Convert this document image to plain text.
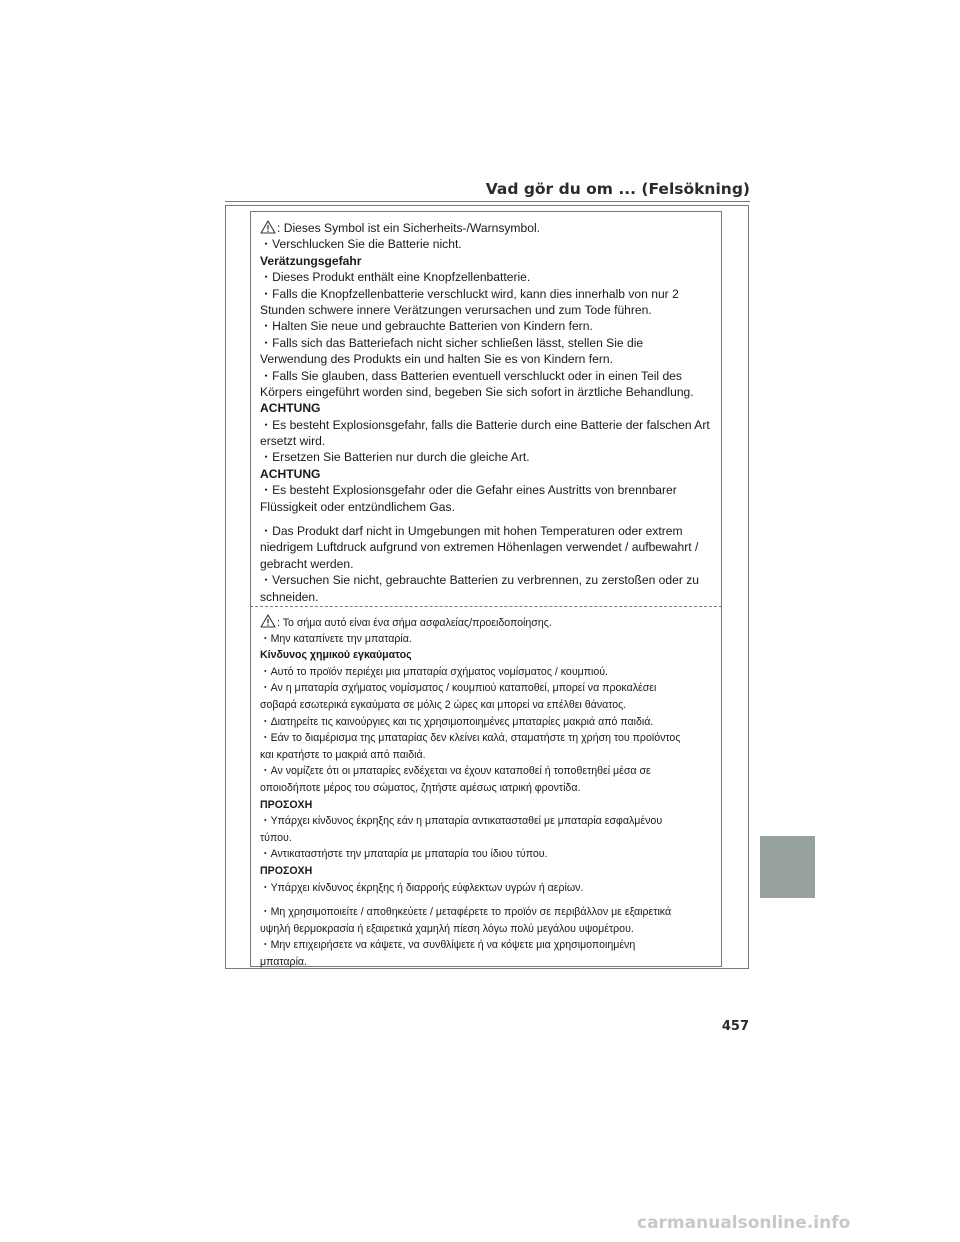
Vad gör du om ... (Felsökning)
: Dieses Symbol ist ein Sicherheits-/Warnsymbol.
・Verschlucken Sie die Batterie nicht.
Verätzungsgefahr
・Dieses Produkt enthält eine Knopfzellenbatterie.
・Falls die Knopfzellenbatterie verschluckt wird, kann dies innerhalb von nur 2
Stunden schwere innere Verätzungen verursachen und zum Tode führen.
・Halten Sie neue und gebrauchte Batterien von Kindern fern.
・Falls sich das Batteriefach nicht sicher schließen lässt, stellen Sie die
Verwendung des Produkts ein und halten Sie es von Kindern fern.
・Falls Sie glauben, dass Batterien eventuell verschluckt oder in einen Teil des
Körpers eingeführt worden sind, begeben Sie sich sofort in ärztliche Behandlung.
ACHTUNG
・Es besteht Explosionsgefahr, falls die Batterie durch eine Batterie der falschen Art
ersetzt wird.
・Ersetzen Sie Batterien nur durch die gleiche Art.
ACHTUNG
・Es besteht Explosionsgefahr oder die Gefahr eines Austritts von brennbarer
Flüssigkeit oder entzündlichem Gas.
・Das Produkt darf nicht in Umgebungen mit hohen Temperaturen oder extrem
niedrigem Luftdruck aufgrund von extremen Höhenlagen verwendet / aufbewahrt /
gebracht werden.
・Versuchen Sie nicht, gebrauchte Batterien zu verbrennen, zu zerstoßen oder zu
schneiden.
: Το σήμα αυτό είναι ένα σήμα ασφαλείας/προειδοποίησης.
・Μην καταπίνετε την μπαταρία.
Κίνδυνος χημικού εγκαύματος
・Αυτό το προϊόν περιέχει μια μπαταρία σχήματος νομίσματος / κουμπιού.
・Αν η μπαταρία σχήματος νομίσματος / κουμπιού καταποθεί, μπορεί να προκαλέσει
σοβαρά εσωτερικά εγκαύματα σε μόλις 2 ώρες και μπορεί να επέλθει θάνατος.
・Διατηρείτε τις καινούργιες και τις χρησιμοποιημένες μπαταρίες μακριά από παιδιά.
・Εάν το διαμέρισμα της μπαταρίας δεν κλείνει καλά, σταματήστε τη χρήση του προϊόντος
και κρατήστε το μακριά από παιδιά.
・Αν νομίζετε ότι οι μπαταρίες ενδέχεται να έχουν καταποθεί ή τοποθετηθεί μέσα σε
οποιοδήποτε μέρος του σώματος, ζητήστε αμέσως ιατρική φροντίδα.
ΠΡΟΣΟΧΗ
・Υπάρχει κίνδυνος έκρηξης εάν η μπαταρία αντικατασταθεί με μπαταρία εσφαλμένου
τύπου.
・Αντικαταστήστε την μπαταρία με μπαταρία του ίδιου τύπου.
ΠΡΟΣΟΧΗ
・Υπάρχει κίνδυνος έκρηξης ή διαρροής εύφλεκτων υγρών ή αερίων.
・Μη χρησιμοποιείτε / αποθηκεύετε / μεταφέρετε το προϊόν σε περιβάλλον με εξαιρετικά
υψηλή θερμοκρασία ή εξαιρετικά χαμηλή πίεση λόγω πολύ μεγάλου υψομέτρου.
・Μην επιχειρήσετε να κάψετε, να συνθλίψετε ή να κόψετε μια χρησιμοποιημένη
μπαταρία.
457
carmanualsonline.info
